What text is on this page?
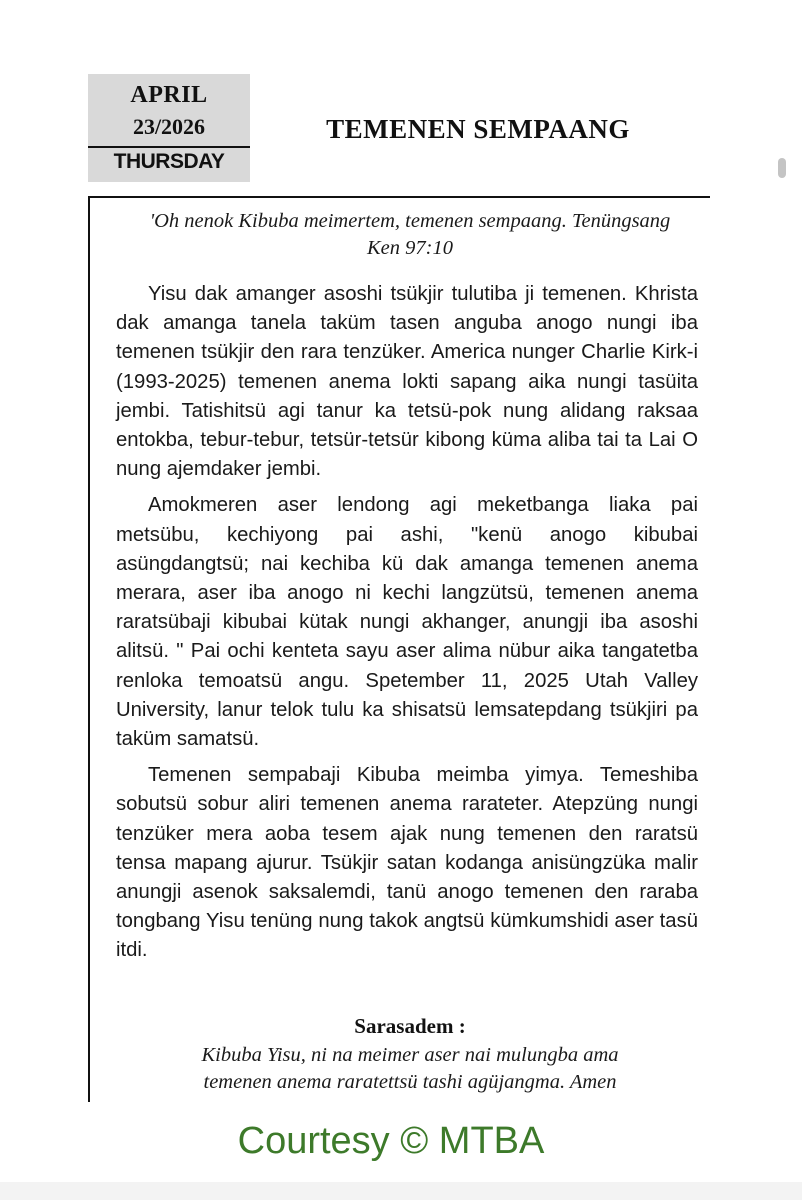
APRIL
23/2026
THURSDAY
TEMENEN SEMPAANG
'Oh nenok Kibuba meimertem, temenen sempaang. Tenüngsang
Ken 97:10

Yisu dak amanger asoshi tsükjir tulutiba ji temenen. Khrista dak amanga tanela taküm tasen anguba anogo nungi iba temenen tsükjir den rara tenzüker. America nunger Charlie Kirk-i (1993-2025) temenen anema lokti sapang aika nungi tasüita jembi. Tatishitsü agi tanur ka tetsü-pok nung alidang raksaa entokba, tebur-tebur, tetsür-tetsür kibong küma aliba tai ta Lai O nung ajemdaker jembi.

Amokmeren aser lendong agi meketbanga liaka pai metsübu, kechiyong pai ashi, "kenü anogo kibubai asüngdangtsü; nai kechiba kü dak amanga temenen anema merara, aser iba anogo ni kechi langzütsü, temenen anema raratsübaji kibubai kütak nungi akhanger, anungji iba asoshi alitsü. " Pai ochi kenteta sayu aser alima nübur aika tangatetba renloka temoatsü angu. Spetember 11, 2025 Utah Valley University, lanur telok tulu ka shisatsü lemsatepdang tsükjiri pa taküm samatsü.

Temenen sempabaji Kibuba meimba yimya. Temeshiba sobutsü sobur aliri temenen anema rarateter. Atepzüng nungi tenzüker mera aoba tesem ajak nung temenen den raratsü tensa mapang ajurur. Tsükjir satan kodanga anisüngzüka malir anungji asenok saksalemdi, tanü anogo temenen den raraba tongbang Yisu tenüng nung takok angtsü kümkumshidi aser tasü itdi.

Sarasadem :
Kibuba Yisu, ni na meimer aser nai mulungba ama
temenen anema raratettsü tashi agüjangma. Amen
Courtesy © MTBA
